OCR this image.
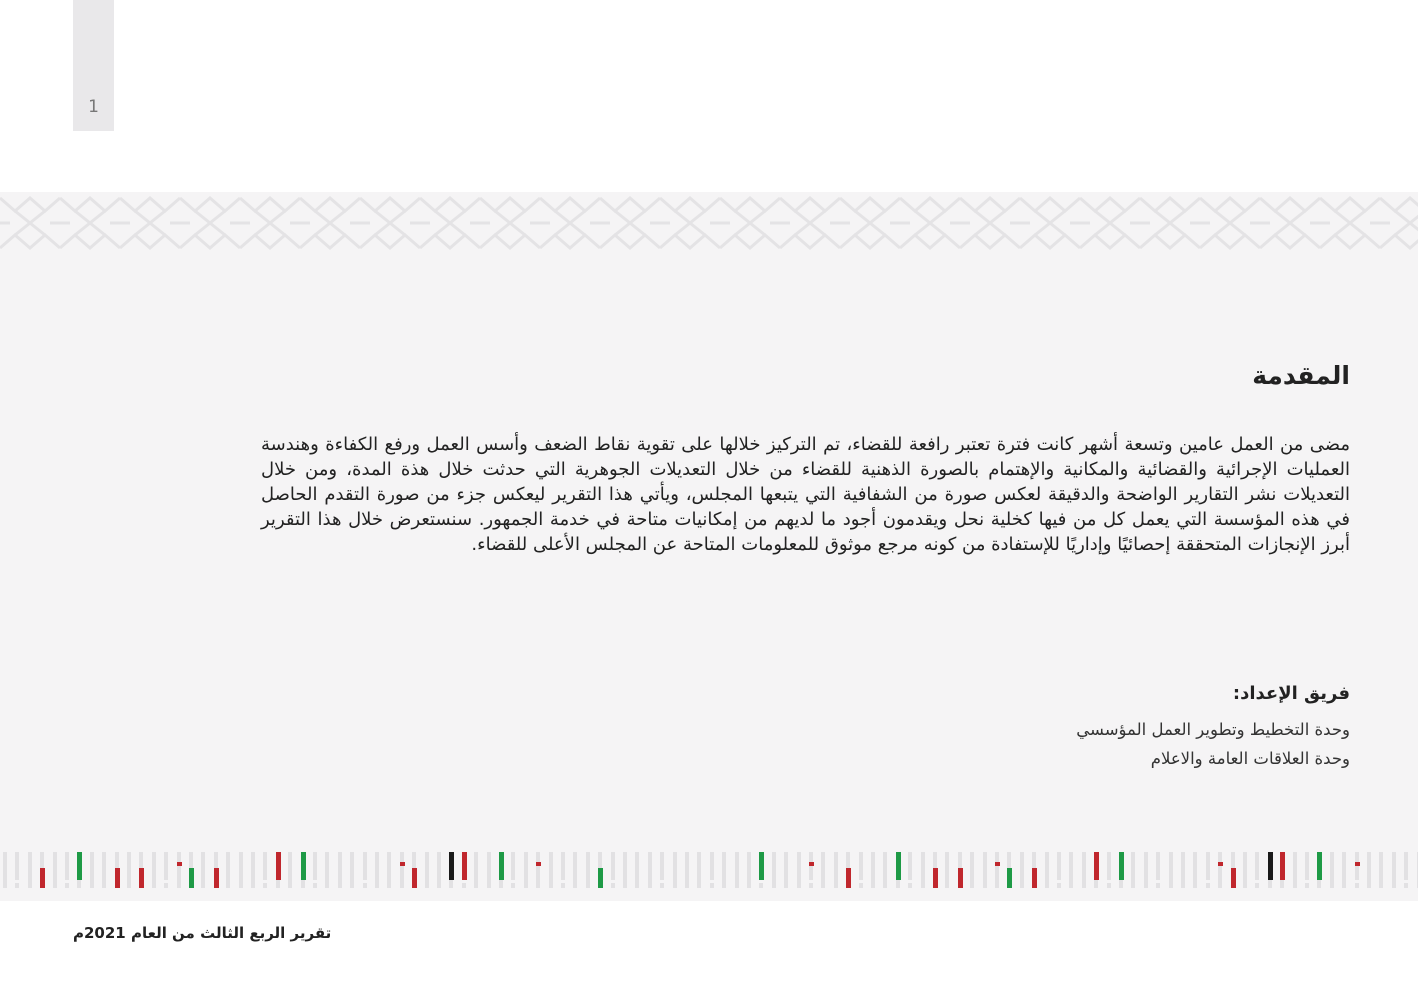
1
المقدمة

مضى من العمل عامين وتسعة أشهر كانت فترة تعتبر رافعة للقضاء، تم التركيز خلالها على تقوية نقاط الضعف وأسس العمل ورفع الكفاءة وهندسة العمليات الإجرائية والقضائية والمكانية والإهتمام بالصورة الذهنية للقضاء من خلال التعديلات الجوهرية التي حدثت خلال هذة المدة، ومن خلال التعديلات نشر التقارير الواضحة والدقيقة لعكس صورة من الشفافية التي يتبعها المجلس، ويأتي هذا التقرير ليعكس جزء من صورة التقدم الحاصل في هذه المؤسسة التي يعمل كل من فيها كخلية نحل ويقدمون أجود ما لديهم من إمكانيات متاحة في خدمة الجمهور. سنستعرض خلال هذا التقرير أبرز الإنجازات المتحققة إحصائيًا وإداريًا للإستفادة من كونه مرجع موثوق للمعلومات المتاحة عن المجلس الأعلى للقضاء.

فريق الإعداد:
وحدة التخطيط وتطوير العمل المؤسسي
وحدة العلاقات العامة والاعلام
تقرير الربع الثالث من العام 2021م
